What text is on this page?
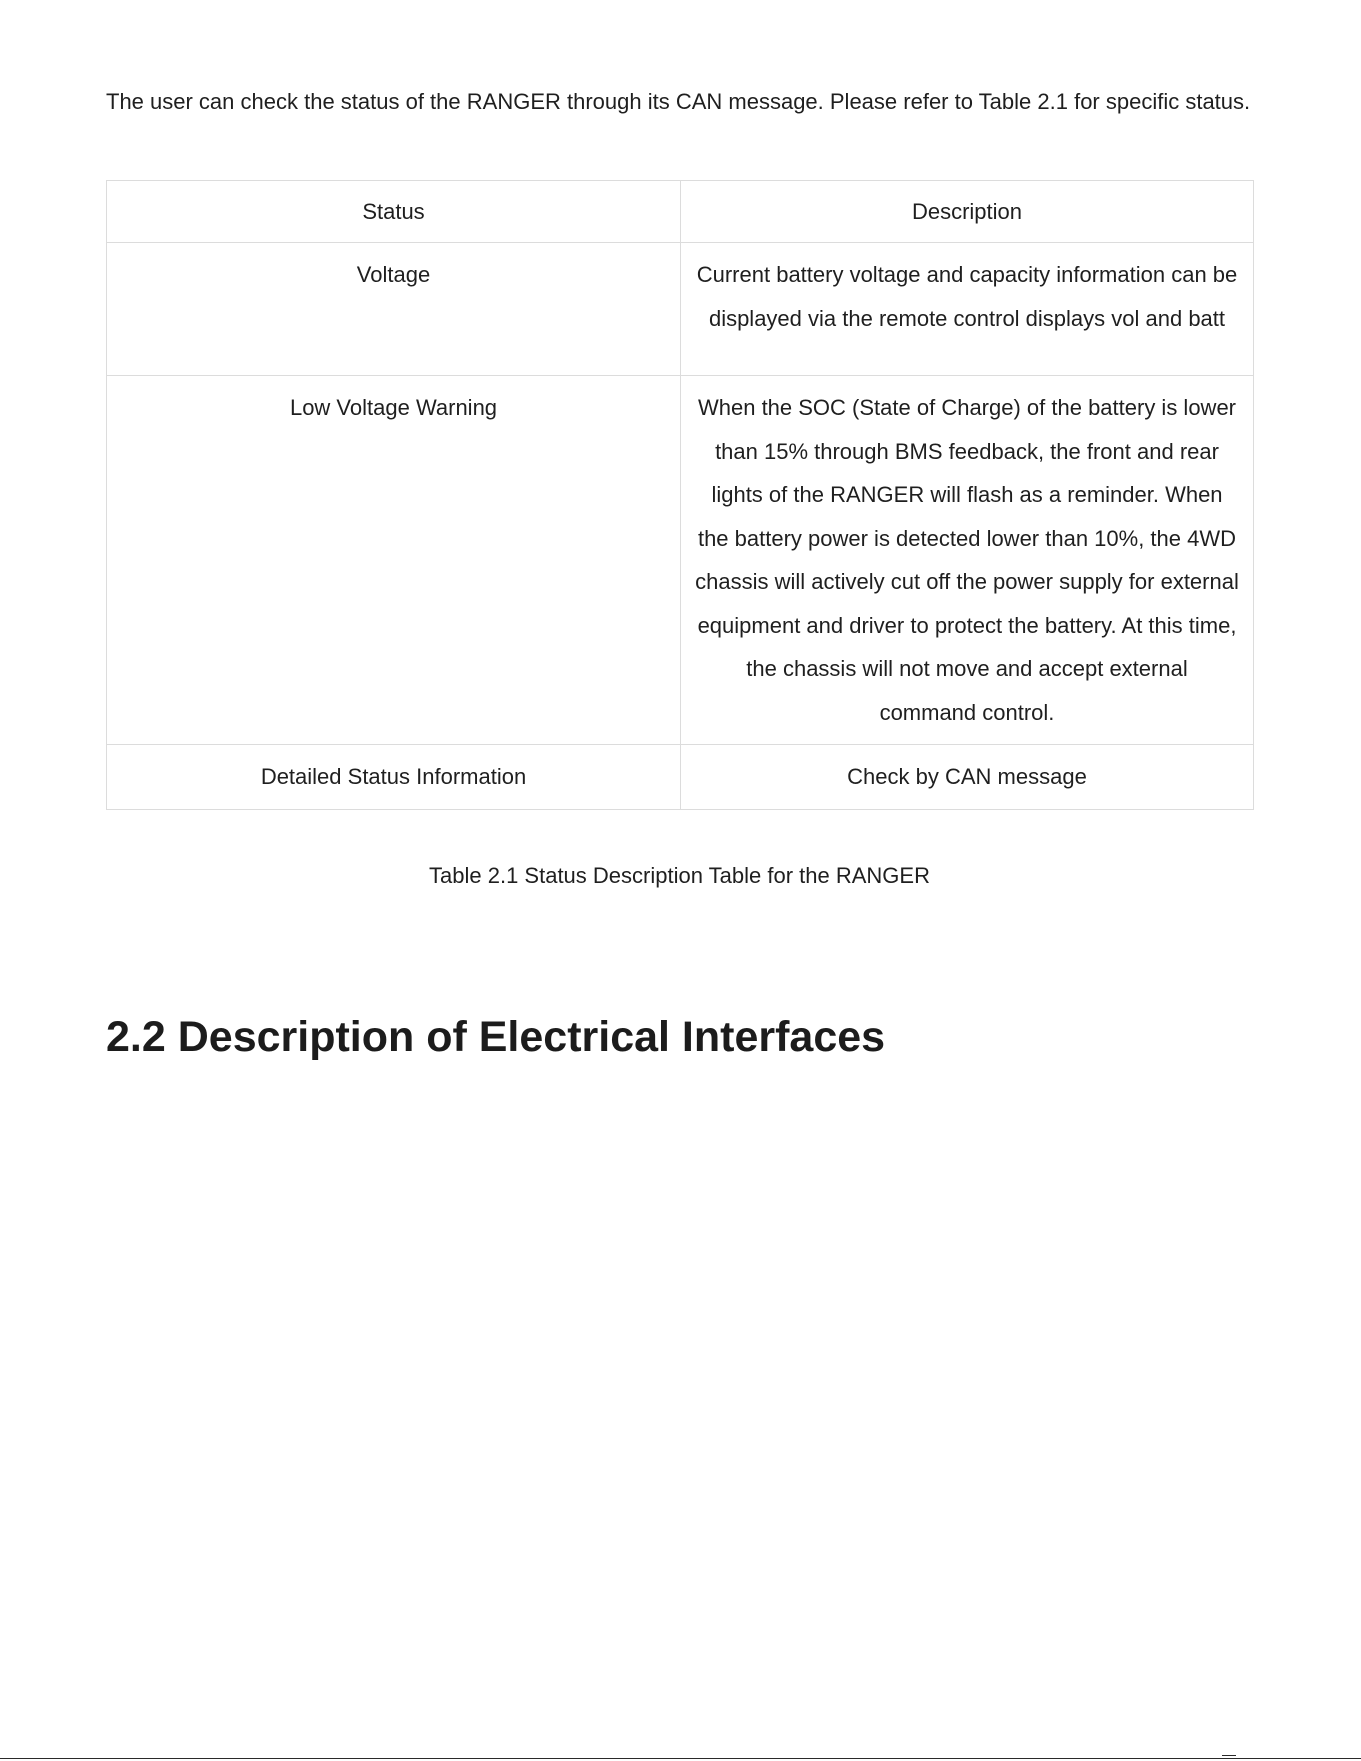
The user can check the status of the RANGER through its CAN message. Please refer to Table 2.1 for specific status.

Status	Description
Voltage	Current battery voltage and capacity information can be displayed via the remote control displays vol and batt
Low Voltage Warning	When the SOC (State of Charge) of the battery is lower than 15% through BMS feedback, the front and rear lights of the RANGER will flash as a reminder. When the battery power is detected lower than 10%, the 4WD chassis will actively cut off the power supply for external equipment and driver to protect the battery. At this time, the chassis will not move and accept external command control.
Detailed Status Information	Check by CAN message

Table 2.1 Status Description Table for the RANGER

2.2 Description of Electrical Interfaces
